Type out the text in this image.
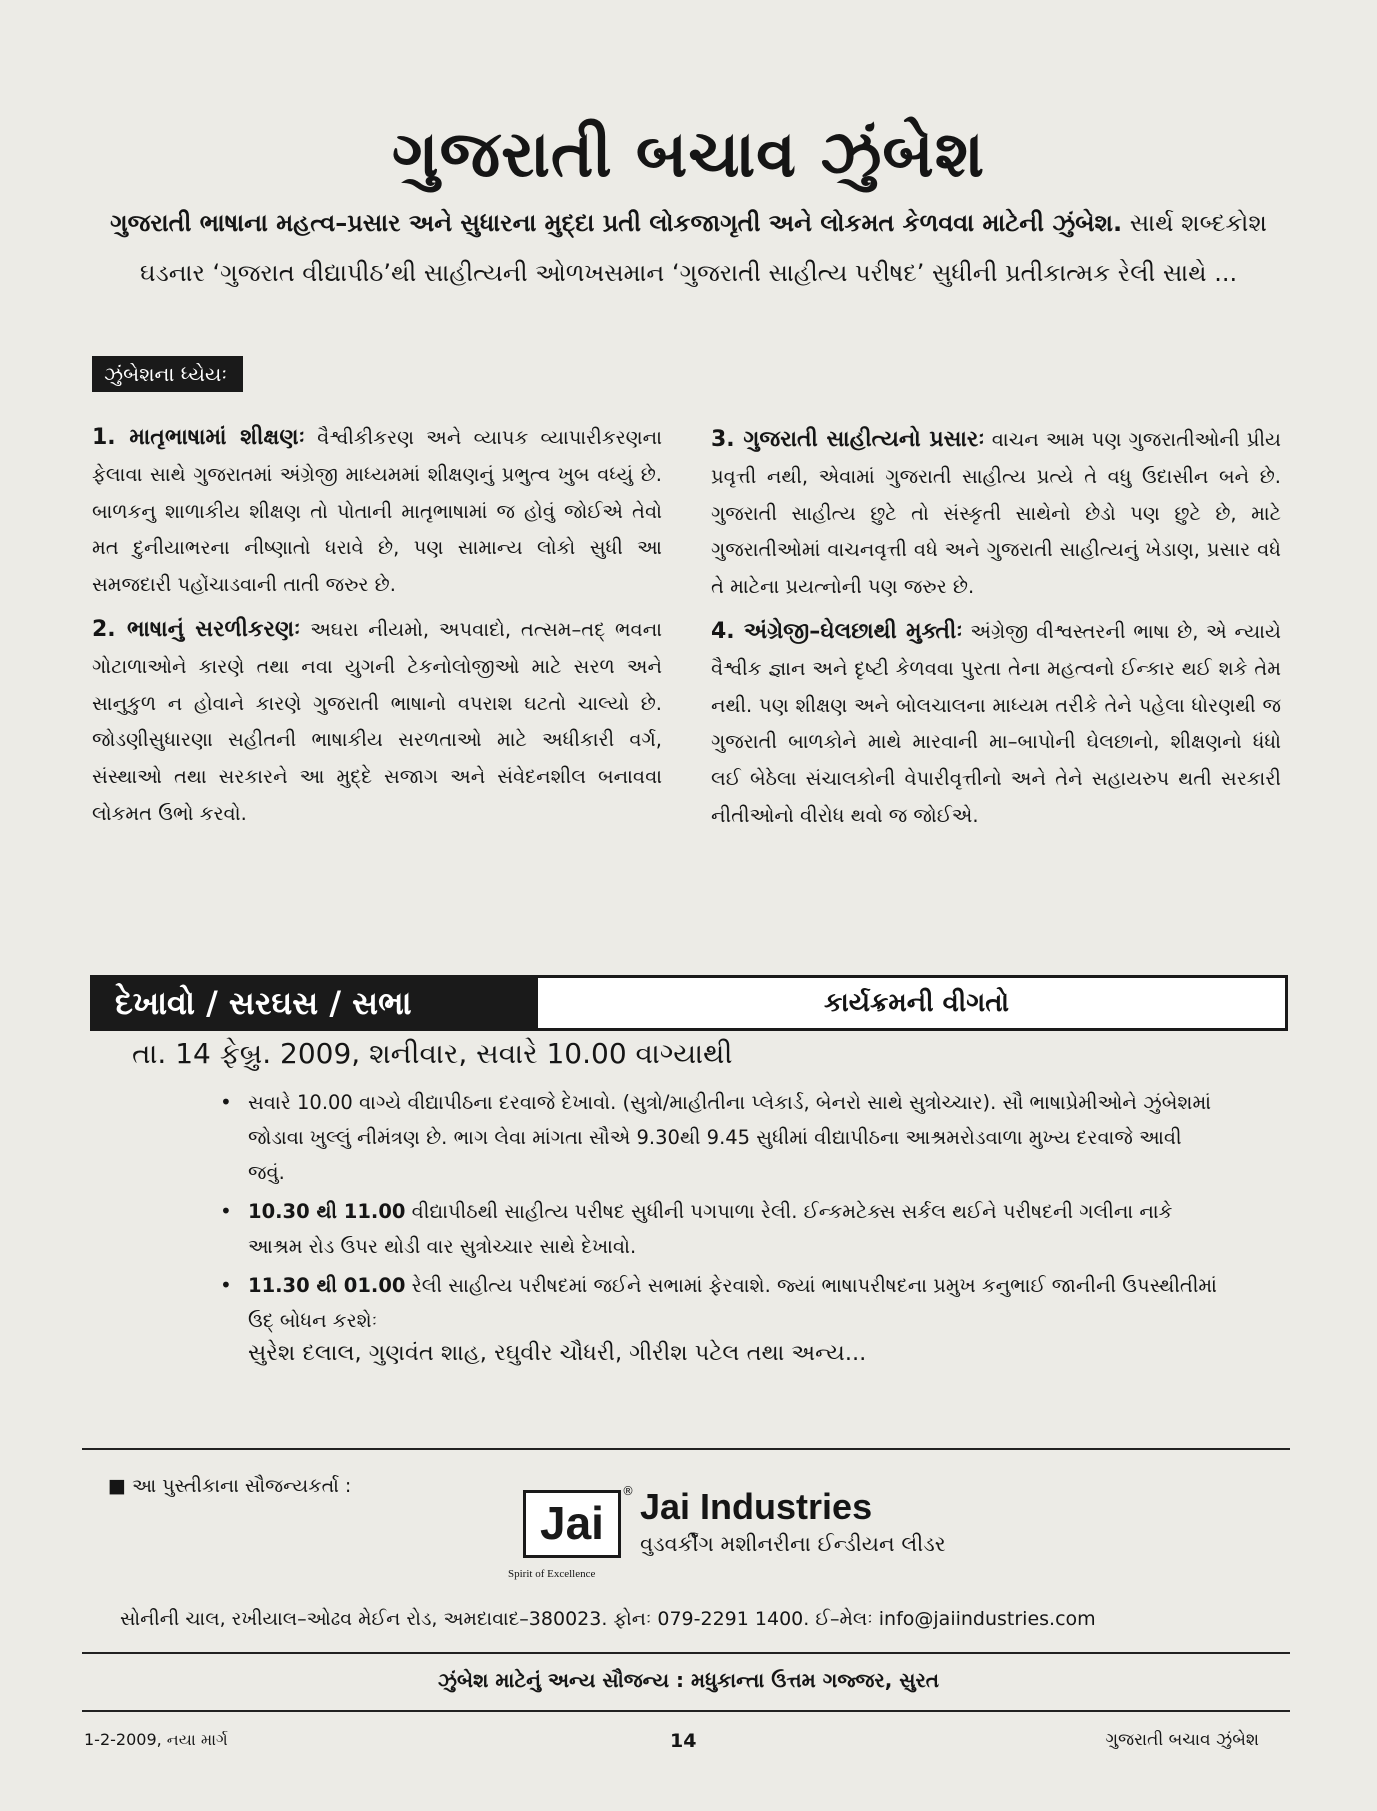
ગુજરાતી બચાવ ઝુંબેશ
ગુજરાતી ભાષાના મહત્વ–પ્રસાર અને સુધારના મુદ્દા પ્રતી લોકજાગૃતી અને લોકમત કેળવવા માટેની ઝુંબેશ. સાર્થ શબ્દકોશ ઘડનાર ‘ગુજરાત વીદ્યાપીઠ’થી સાહીત્યની ઓળખસમાન ‘ગુજરાતી સાહીત્ય પરીષદ’ સુધીની પ્રતીકાત્મક રેલી સાથે ...
ઝુંબેશના ધ્યેયઃ

1. માતૃભાષામાં શીક્ષણઃ વૈશ્વીકીકરણ અને વ્યાપક વ્યાપારીકરણના ફેલાવા સાથે ગુજરાતમાં અંગ્રેજી માધ્યમમાં શીક્ષણનું પ્રભુત્વ ખુબ વધ્યું છે. બાળકનુ શાળાકીય શીક્ષણ તો પોતાની માતૃભાષામાં જ હોવું જોઈએ તેવો મત દુનીયાભરના નીષ્ણાતો ધરાવે છે, પણ સામાન્ય લોકો સુધી આ સમજદારી પહોંચાડવાની તાતી જરુર છે.

2. ભાષાનું સરળીકરણઃ અઘરા નીયમો, અપવાદો, તત્સમ–તદ્ ભવના ગોટાળાઓને કારણે તથા નવા યુગની ટેકનોલોજીઓ માટે સરળ અને સાનુકુળ ન હોવાને કારણે ગુજરાતી ભાષાનો વપરાશ ઘટતો ચાલ્યો છે. જોડણીસુધારણા સહીતની ભાષાકીય સરળતાઓ માટે અધીકારી વર્ગ, સંસ્થાઓ તથા સરકારને આ મુદ્દે સજાગ અને સંવેદનશીલ બનાવવા લોકમત ઉભો કરવો.

3. ગુજરાતી સાહીત્યનો પ્રસારઃ વાચન આમ પણ ગુજરાતીઓની પ્રીય પ્રવૃત્તી નથી, એવામાં ગુજરાતી સાહીત્ય પ્રત્યે તે વધુ ઉદાસીન બને છે. ગુજરાતી સાહીત્ય છુટે તો સંસ્કૃતી સાથેનો છેડો પણ છુટે છે, માટે ગુજરાતીઓમાં વાચનવૃત્તી વધે અને ગુજરાતી સાહીત્યનું ખેડાણ, પ્રસાર વધે તે માટેના પ્રયત્નોની પણ જરુર છે.

4. અંગ્રેજી–ઘેલછાથી મુક્તીઃ અંગ્રેજી વીશ્વસ્તરની ભાષા છે, એ ન્યાયે વૈશ્વીક જ્ઞાન અને દૃષ્ટી કેળવવા પુરતા તેના મહત્વનો ઈન્કાર થઈ શકે તેમ નથી. પણ શીક્ષણ અને બોલચાલના માધ્યમ તરીકે તેને પહેલા ધોરણથી જ ગુજરાતી બાળકોને માથે મારવાની મા–બાપોની ઘેલછાનો, શીક્ષણનો ધંધો લઈ બેઠેલા સંચાલકોની વેપારીવૃત્તીનો અને તેને સહાયરુપ થતી સરકારી નીતીઓનો વીરોધ થવો જ જોઈએ.

દેખાવો / સરઘસ / સભા	કાર્યક્રમની વીગતો
તા. 14 ફેબ્રુ. 2009, શનીવાર, સવારે 10.00 વાગ્યાથી
• સવારે 10.00 વાગ્યે વીદ્યાપીઠના દરવાજે દેખાવો. (સુત્રો/માહીતીના પ્લેકાર્ડ, બેનરો સાથે સુત્રોચ્ચાર). સૌ ભાષાપ્રેમીઓને ઝુંબેશમાં જોડાવા ખુલ્લું નીમંત્રણ છે. ભાગ લેવા માંગતા સૌએ 9.30થી 9.45 સુધીમાં વીદ્યાપીઠના આશ્રમરોડવાળા મુખ્ય દરવાજે આવી જવું.
• 10.30 થી 11.00 વીદ્યાપીઠથી સાહીત્ય પરીષદ સુધીની પગપાળા રેલી. ઈન્કમટેક્સ સર્કલ થઈને પરીષદની ગલીના નાકે આશ્રમ રોડ ઉપર થોડી વાર સુત્રોચ્ચાર સાથે દેખાવો.
• 11.30 થી 01.00 રેલી સાહીત્ય પરીષદમાં જઈને સભામાં ફેરવાશે. જ્યાં ભાષાપરીષદના પ્રમુખ કનુભાઈ જાનીની ઉપસ્થીતીમાં ઉદ્ બોધન કરશેઃ
સુરેશ દલાલ, ગુણવંત શાહ, રઘુવીર ચૌધરી, ગીરીશ પટેલ તથા અન્ય...
■ આ પુસ્તીકાના સૌજન્યકર્તા :
Jai
®
Spirit of Excellence
Jai Industries
વુડવર્કીંગ મશીનરીના ઈન્ડીયન લીડર
સોનીની ચાલ, રખીયાલ–ઓઢવ મેઈન રોડ, અમદાવાદ–380023. ફોનઃ 079-2291 1400. ઈ–મેલઃ info@jaiindustries.com
ઝુંબેશ માટેનું અન્ય સૌજન્ય : મધુકાન્તા ઉત્તમ ગજ્જર, સુરત
1-2-2009, નયા માર્ગ	14	ગુજરાતી બચાવ ઝુંબેશ
